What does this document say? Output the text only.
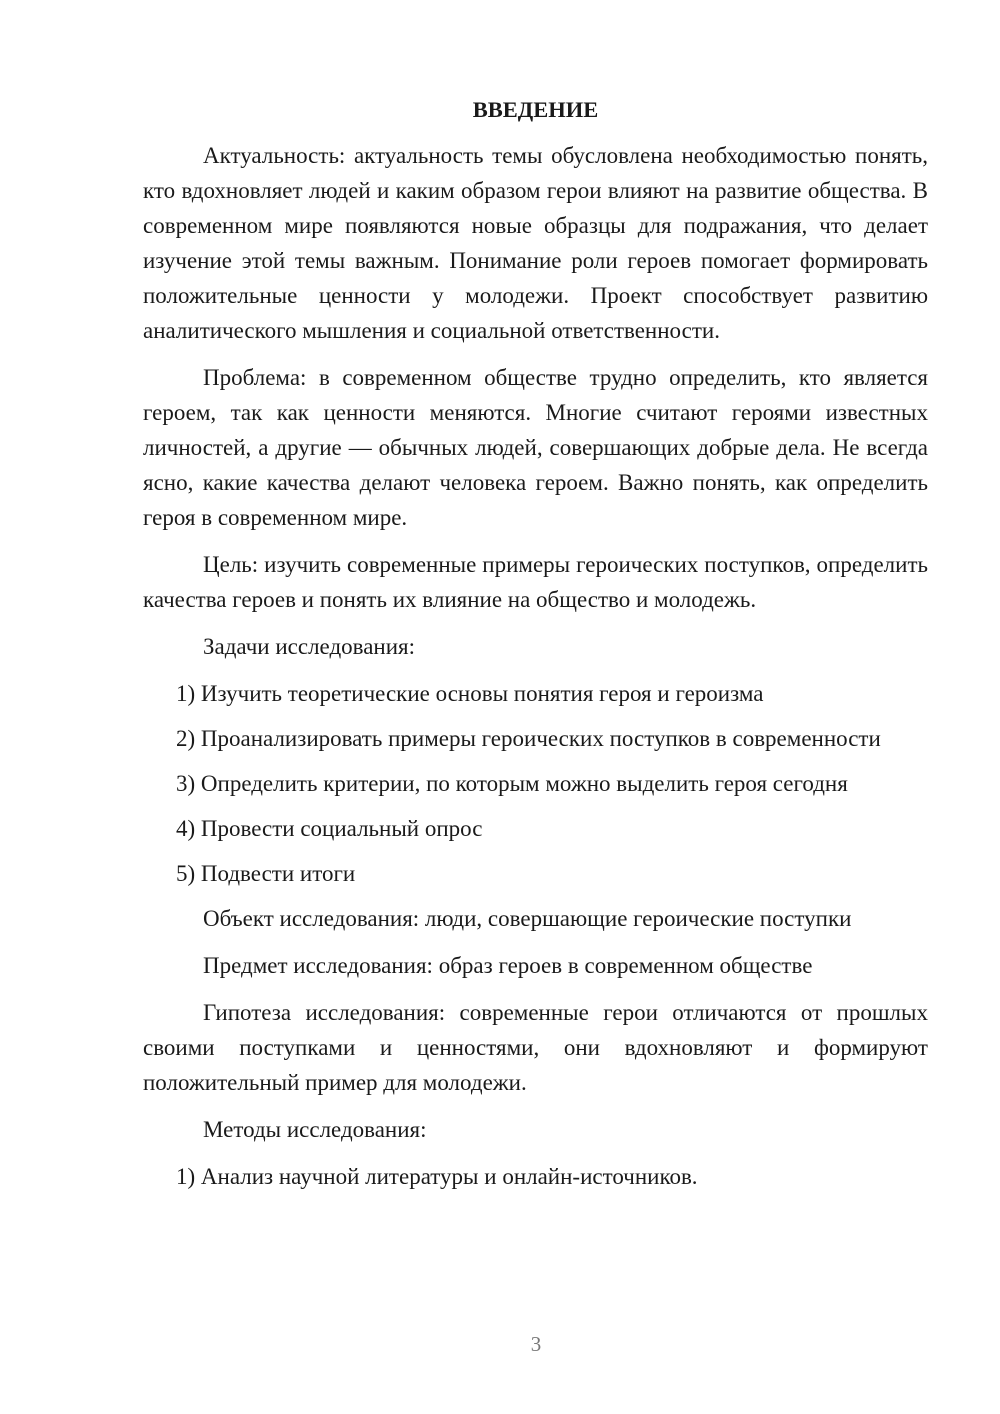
ВВЕДЕНИЕ

Актуальность: актуальность темы обусловлена необходимостью понять, кто вдохновляет людей и каким образом герои влияют на развитие общества. В современном мире появляются новые образцы для подражания, что делает изучение этой темы важным. Понимание роли героев помогает формировать положительные ценности у молодежи. Проект способствует развитию аналитического мышления и социальной ответственности.

Проблема: в современном обществе трудно определить, кто является героем, так как ценности меняются. Многие считают героями известных личностей, а другие — обычных людей, совершающих добрые дела. Не всегда ясно, какие качества делают человека героем. Важно понять, как определить героя в современном мире.

Цель: изучить современные примеры героических поступков, определить качества героев и понять их влияние на общество и молодежь.

Задачи исследования:

1) Изучить теоретические основы понятия героя и героизма

2) Проанализировать примеры героических поступков в современности

3) Определить критерии, по которым можно выделить героя сегодня

4) Провести социальный опрос

5) Подвести итоги

Объект исследования: люди, совершающие героические поступки

Предмет исследования: образ героев в современном обществе

Гипотеза исследования: современные герои отличаются от прошлых своими поступками и ценностями, они вдохновляют и формируют положительный пример для молодежи.

Методы исследования:

1) Анализ научной литературы и онлайн-источников.

3
